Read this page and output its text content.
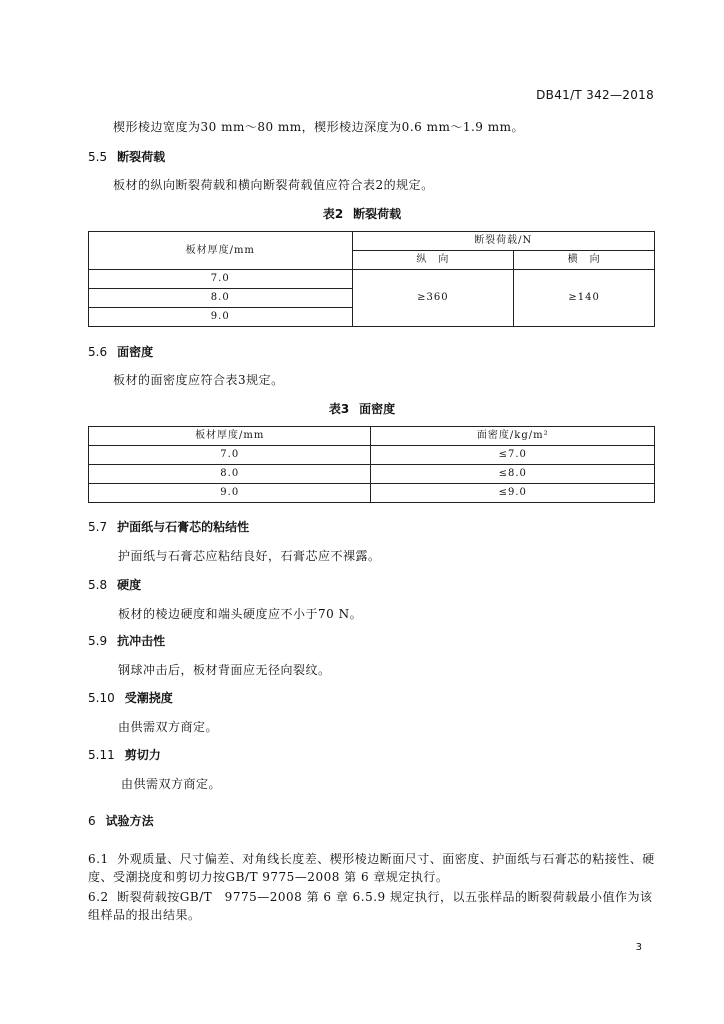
DB41/T 342—2018
楔形棱边宽度为30 mm～80 mm，楔形棱边深度为0.6 mm～1.9 mm。
5.5 断裂荷载
板材的纵向断裂荷载和横向断裂荷载值应符合表2的规定。
表2 断裂荷载
板材厚度/mm	断裂荷载/N	
	纵　向	横　向
7.0	≥360	≥140
8.0		
9.0		
5.6 面密度
板材的面密度应符合表3规定。
表3 面密度
板材厚度/mm	面密度/kg/m²
7.0	≤7.0
8.0	≤8.0
9.0	≤9.0
5.7 护面纸与石膏芯的粘结性
护面纸与石膏芯应粘结良好，石膏芯应不裸露。
5.8 硬度
板材的棱边硬度和端头硬度应不小于70 N。
5.9 抗冲击性
钢球冲击后，板材背面应无径向裂纹。
5.10 受潮挠度
由供需双方商定。
5.11 剪切力
由供需双方商定。
6 试验方法
6.1 外观质量、尺寸偏差、对角线长度差、楔形棱边断面尺寸、面密度、护面纸与石膏芯的粘接性、硬度、受潮挠度和剪切力按GB/T 9775—2008 第 6 章规定执行。
6.2 断裂荷载按GB/T　9775—2008 第 6 章 6.5.9 规定执行，以五张样品的断裂荷载最小值作为该组样品的报出结果。
3
